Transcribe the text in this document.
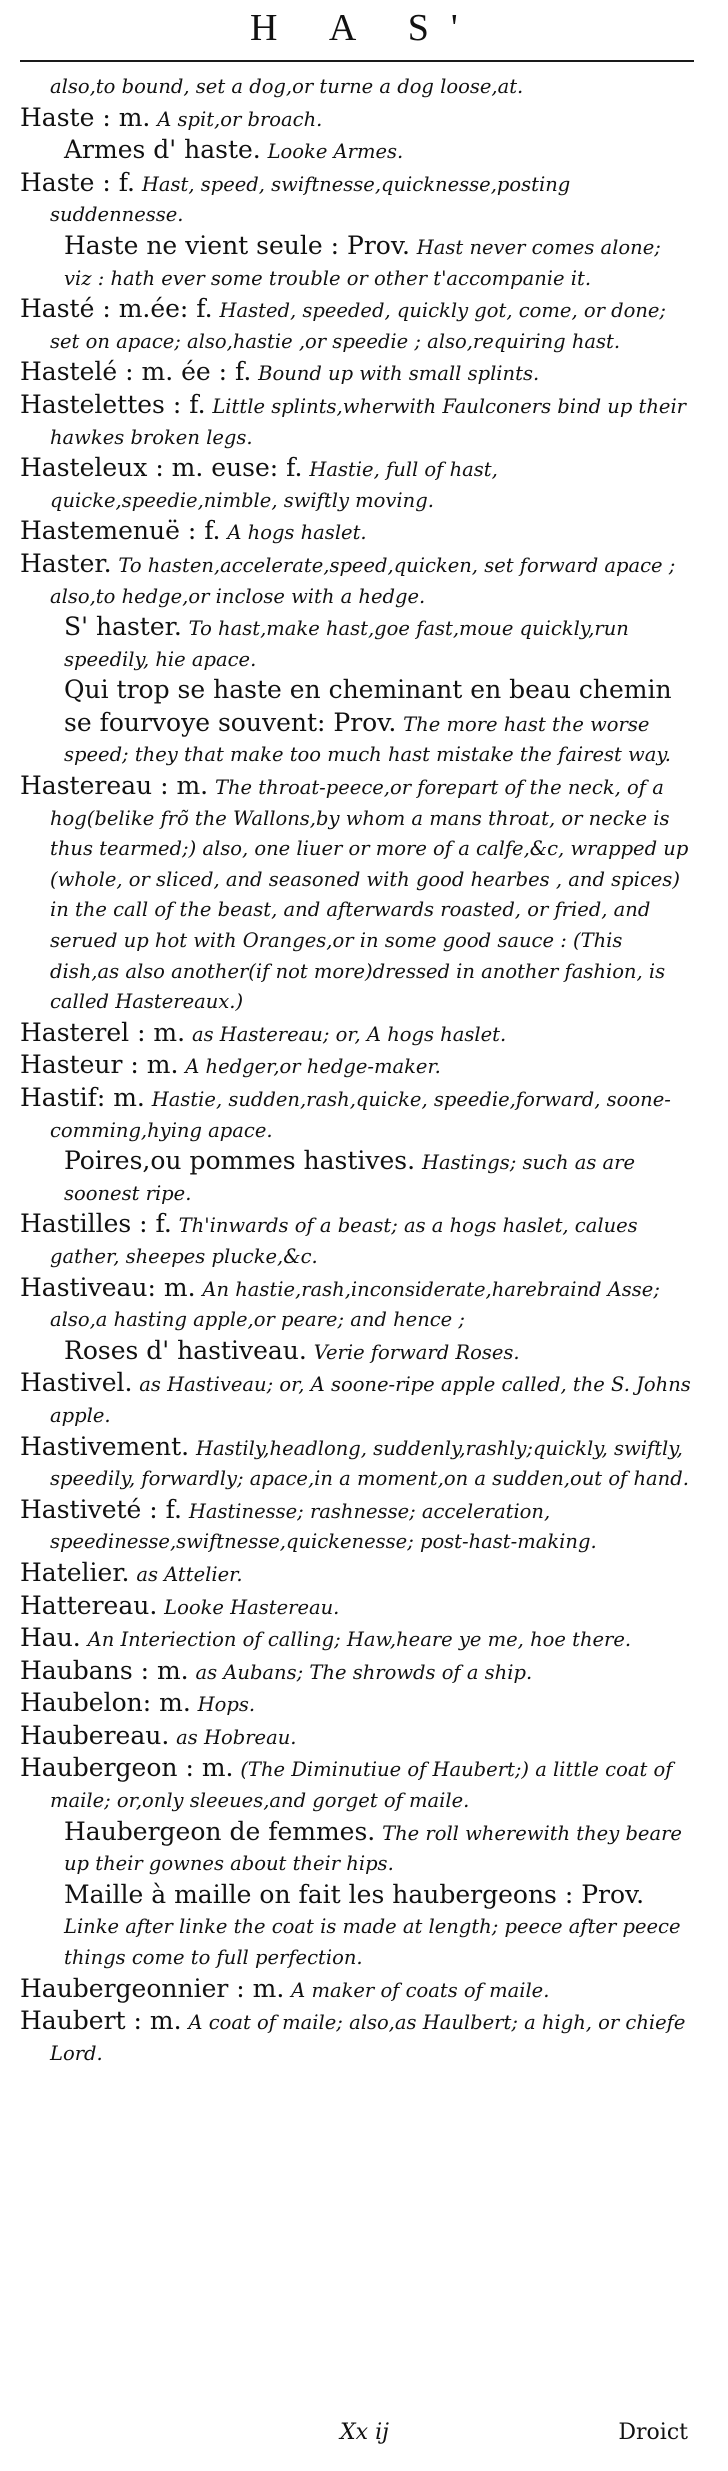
H A S'

also,to bound, set a dog,or turne a dog loose,at.

Haste : m. A spit,or broach.

Armes d' haste. Looke Armes.

Haste : f. Hast, speed, swiftnesse,quicknesse,posting suddennesse.

Haste ne vient seule : Prov. Hast never comes alone; viz : hath ever some trouble or other t'accompanie it.

Hasté : m.ée: f. Hasted, speeded, quickly got, come, or done; set on apace; also,hastie ,or speedie ; also,requiring hast.

Hastelé : m. ée : f. Bound up with small splints.

Hastelettes : f. Little splints,wherwith Faulconers bind up their hawkes broken legs.

Hasteleux : m. euse: f. Hastie, full of hast, quicke,speedie,nimble, swiftly moving.

Hastemenuë : f. A hogs haslet.

Haster. To hasten,accelerate,speed,quicken, set forward apace ; also,to hedge,or inclose with a hedge.

S' haster. To hast,make hast,goe fast,moue quickly,run speedily, hie apace.

Qui trop se haste en cheminant en beau chemin se fourvoye souvent: Prov. The more hast the worse speed; they that make too much hast mistake the fairest way.

Hastereau : m. The throat-peece,or forepart of the neck, of a hog(belike frõ the Wallons,by whom a mans throat, or necke is thus tearmed;) also, one liuer or more of a calfe,&c, wrapped up (whole, or sliced, and seasoned with good hearbes , and spices) in the call of the beast, and afterwards roasted, or fried, and serued up hot with Oranges,or in some good sauce : (This dish,as also another(if not more)dressed in another fashion, is called Hastereaux.)

Hasterel : m. as Hastereau; or, A hogs haslet.

Hasteur : m. A hedger,or hedge-maker.

Hastif: m. Hastie, sudden,rash,quicke, speedie,forward, soone-comming,hying apace.

Poires,ou pommes hastives. Hastings; such as are soonest ripe.

Hastilles : f. Th'inwards of a beast; as a hogs haslet, calues gather, sheepes plucke,&c.

Hastiveau: m. An hastie,rash,inconsiderate,harebraind Asse; also,a hasting apple,or peare; and hence ;

Roses d' hastiveau. Verie forward Roses.

Hastivel. as Hastiveau; or, A soone-ripe apple called, the S. Johns apple.

Hastivement. Hastily,headlong, suddenly,rashly;quickly, swiftly, speedily, forwardly; apace,in a moment,on a sudden,out of hand.

Hastiveté : f. Hastinesse; rashnesse; acceleration, speedinesse,swiftnesse,quickenesse; post-hast-making.

Hatelier. as Attelier.

Hattereau. Looke Hastereau.

Hau. An Interiection of calling; Haw,heare ye me, hoe there.

Haubans : m. as Aubans; The shrowds of a ship.

Haubelon: m. Hops.

Haubereau. as Hobreau.

Haubergeon : m. (The Diminutiue of Haubert;) a little coat of maile; or,only sleeues,and gorget of maile.

Haubergeon de femmes. The roll wherewith they beare up their gownes about their hips.

Maille à maille on fait les haubergeons : Prov. Linke after linke the coat is made at length; peece after peece things come to full perfection.

Haubergeonnier : m. A maker of coats of maile.

Haubert : m. A coat of maile; also,as Haulbert; a high, or chiefe Lord.

Xx ij	Droict
